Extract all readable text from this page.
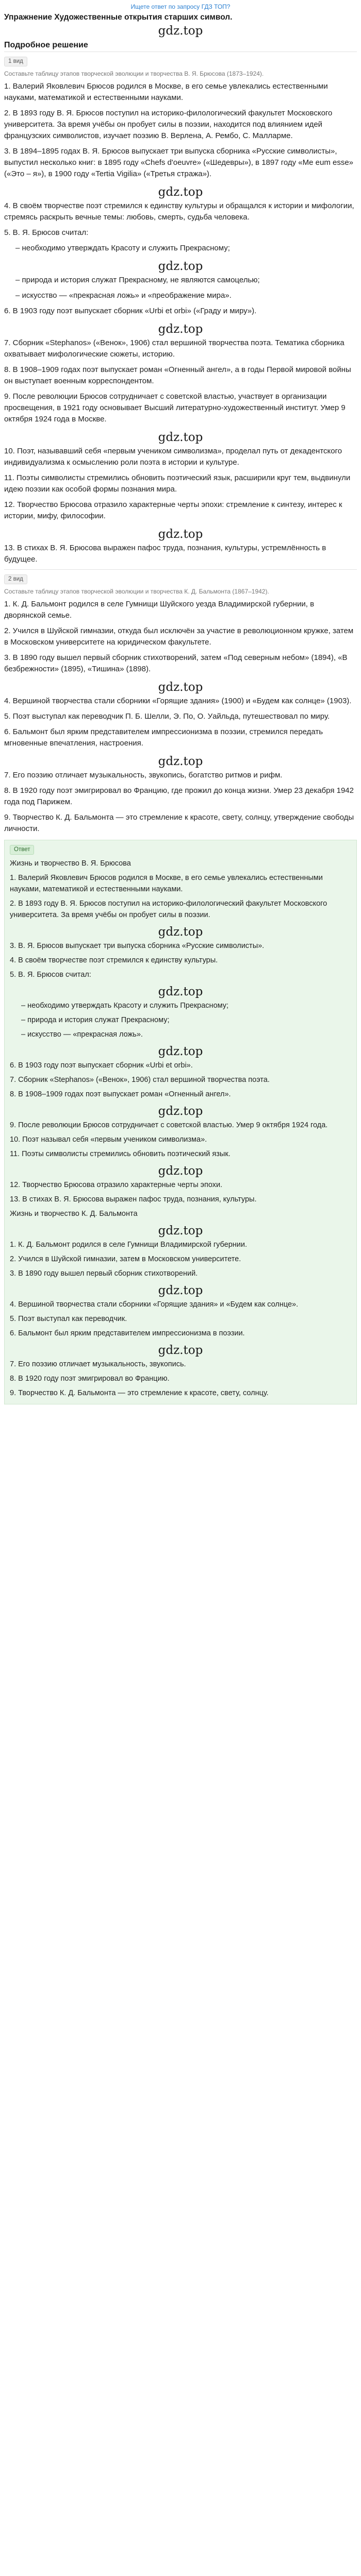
Ищете ответ по запросу ГДЗ ТОП?
Упражнение Художественные открытия старших символ.
gdz.top
Подробное решение
1 вид
Составьте таблицу этапов творческой эволюции и творчества В. Я. Брюсова (1873–1924).
1. Валерий Яковлевич Брюсов родился в Москве, в его семье увлекались естественными науками, математикой и естественными науками.
2. В 1893 году В. Я. Брюсов поступил на историко-филологический факультет Московского университета. За время учёбы он пробует силы в поэзии, находится под влиянием идей французских символистов, изучает поэзию В. Верлена, А. Рембо, С. Малларме.
3. В 1894–1895 годах В. Я. Брюсов выпускает три выпуска сборника «Русские символисты», выпустил несколько книг: в 1895 году «Chefs d'oeuvre» («Шедевры»), в 1897 году «Me eum esse» («Это – я»), в 1900 году «Tertia Vigilia» («Третья стража»).
gdz.top
4. В своём творчестве поэт стремился к единству культуры и обращался к истории и мифологии, стремясь раскрыть вечные темы: любовь, смерть, судьба человека.
5. В. Я. Брюсов считал:
– необходимо утверждать Красоту и служить Прекрасному;
gdz.top
– природа и история служат Прекрасному, не являются самоцелью;
– искусство — «прекрасная ложь» и «преображение мира».
6. В 1903 году поэт выпускает сборник «Urbi et orbi» («Граду и миру»).
gdz.top
7. Сборник «Stephanos» («Венок», 1906) стал вершиной творчества поэта. Тематика сборника охватывает мифологические сюжеты, историю.
8. В 1908–1909 годах поэт выпускает роман «Огненный ангел», а в годы Первой мировой войны он выступает военным корреспондентом.
9. После революции Брюсов сотрудничает с советской властью, участвует в организации просвещения, в 1921 году основывает Высший литературно-художественный институт. Умер 9 октября 1924 года в Москве.
gdz.top
10. Поэт, называвший себя «первым учеником символизма», проделал путь от декадентского индивидуализма к осмыслению роли поэта в истории и культуре.
11. Поэты символисты стремились обновить поэтический язык, расширили круг тем, выдвинули идею поэзии как особой формы познания мира.
12. Творчество Брюсова отразило характерные черты эпохи: стремление к синтезу, интерес к истории, мифу, философии.
gdz.top
13. В стихах В. Я. Брюсова выражен пафос труда, познания, культуры, устремлённость в будущее.
2 вид
Составьте таблицу этапов творческой эволюции и творчества К. Д. Бальмонта (1867–1942).
1. К. Д. Бальмонт родился в селе Гумнищи Шуйского уезда Владимирской губернии, в дворянской семье.
2. Учился в Шуйской гимназии, откуда был исключён за участие в революционном кружке, затем в Московском университете на юридическом факультете.
3. В 1890 году вышел первый сборник стихотворений, затем «Под северным небом» (1894), «В безбрежности» (1895), «Тишина» (1898).
gdz.top
4. Вершиной творчества стали сборники «Горящие здания» (1900) и «Будем как солнце» (1903).
5. Поэт выступал как переводчик П. Б. Шелли, Э. По, О. Уайльда, путешествовал по миру.
6. Бальмонт был ярким представителем импрессионизма в поэзии, стремился передать мгновенные впечатления, настроения.
gdz.top
7. Его поэзию отличает музыкальность, звукопись, богатство ритмов и рифм.
8. В 1920 году поэт эмигрировал во Францию, где прожил до конца жизни. Умер 23 декабря 1942 года под Парижем.
9. Творчество К. Д. Бальмонта — это стремление к красоте, свету, солнцу, утверждение свободы личности.
Ответ
Жизнь и творчество В. Я. Брюсова
1. Валерий Яковлевич Брюсов родился в Москве, в его семье увлекались естественными науками, математикой и естественными науками.
2. В 1893 году В. Я. Брюсов поступил на историко-филологический факультет Московского университета. За время учёбы он пробует силы в поэзии.
gdz.top
3. В. Я. Брюсов выпускает три выпуска сборника «Русские символисты».
4. В своём творчестве поэт стремился к единству культуры.
5. В. Я. Брюсов считал:
gdz.top
– необходимо утверждать Красоту и служить Прекрасному;
– природа и история служат Прекрасному;
– искусство — «прекрасная ложь».
gdz.top
6. В 1903 году поэт выпускает сборник «Urbi et orbi».
7. Сборник «Stephanos» («Венок», 1906) стал вершиной творчества поэта.
8. В 1908–1909 годах поэт выпускает роман «Огненный ангел».
gdz.top
9. После революции Брюсов сотрудничает с советской властью. Умер 9 октября 1924 года.
10. Поэт называл себя «первым учеником символизма».
11. Поэты символисты стремились обновить поэтический язык.
gdz.top
12. Творчество Брюсова отразило характерные черты эпохи.
13. В стихах В. Я. Брюсова выражен пафос труда, познания, культуры.
Жизнь и творчество К. Д. Бальмонта
gdz.top
1. К. Д. Бальмонт родился в селе Гумнищи Владимирской губернии.
2. Учился в Шуйской гимназии, затем в Московском университете.
3. В 1890 году вышел первый сборник стихотворений.
gdz.top
4. Вершиной творчества стали сборники «Горящие здания» и «Будем как солнце».
5. Поэт выступал как переводчик.
6. Бальмонт был ярким представителем импрессионизма в поэзии.
gdz.top
7. Его поэзию отличает музыкальность, звукопись.
8. В 1920 году поэт эмигрировал во Францию.
9. Творчество К. Д. Бальмонта — это стремление к красоте, свету, солнцу.
